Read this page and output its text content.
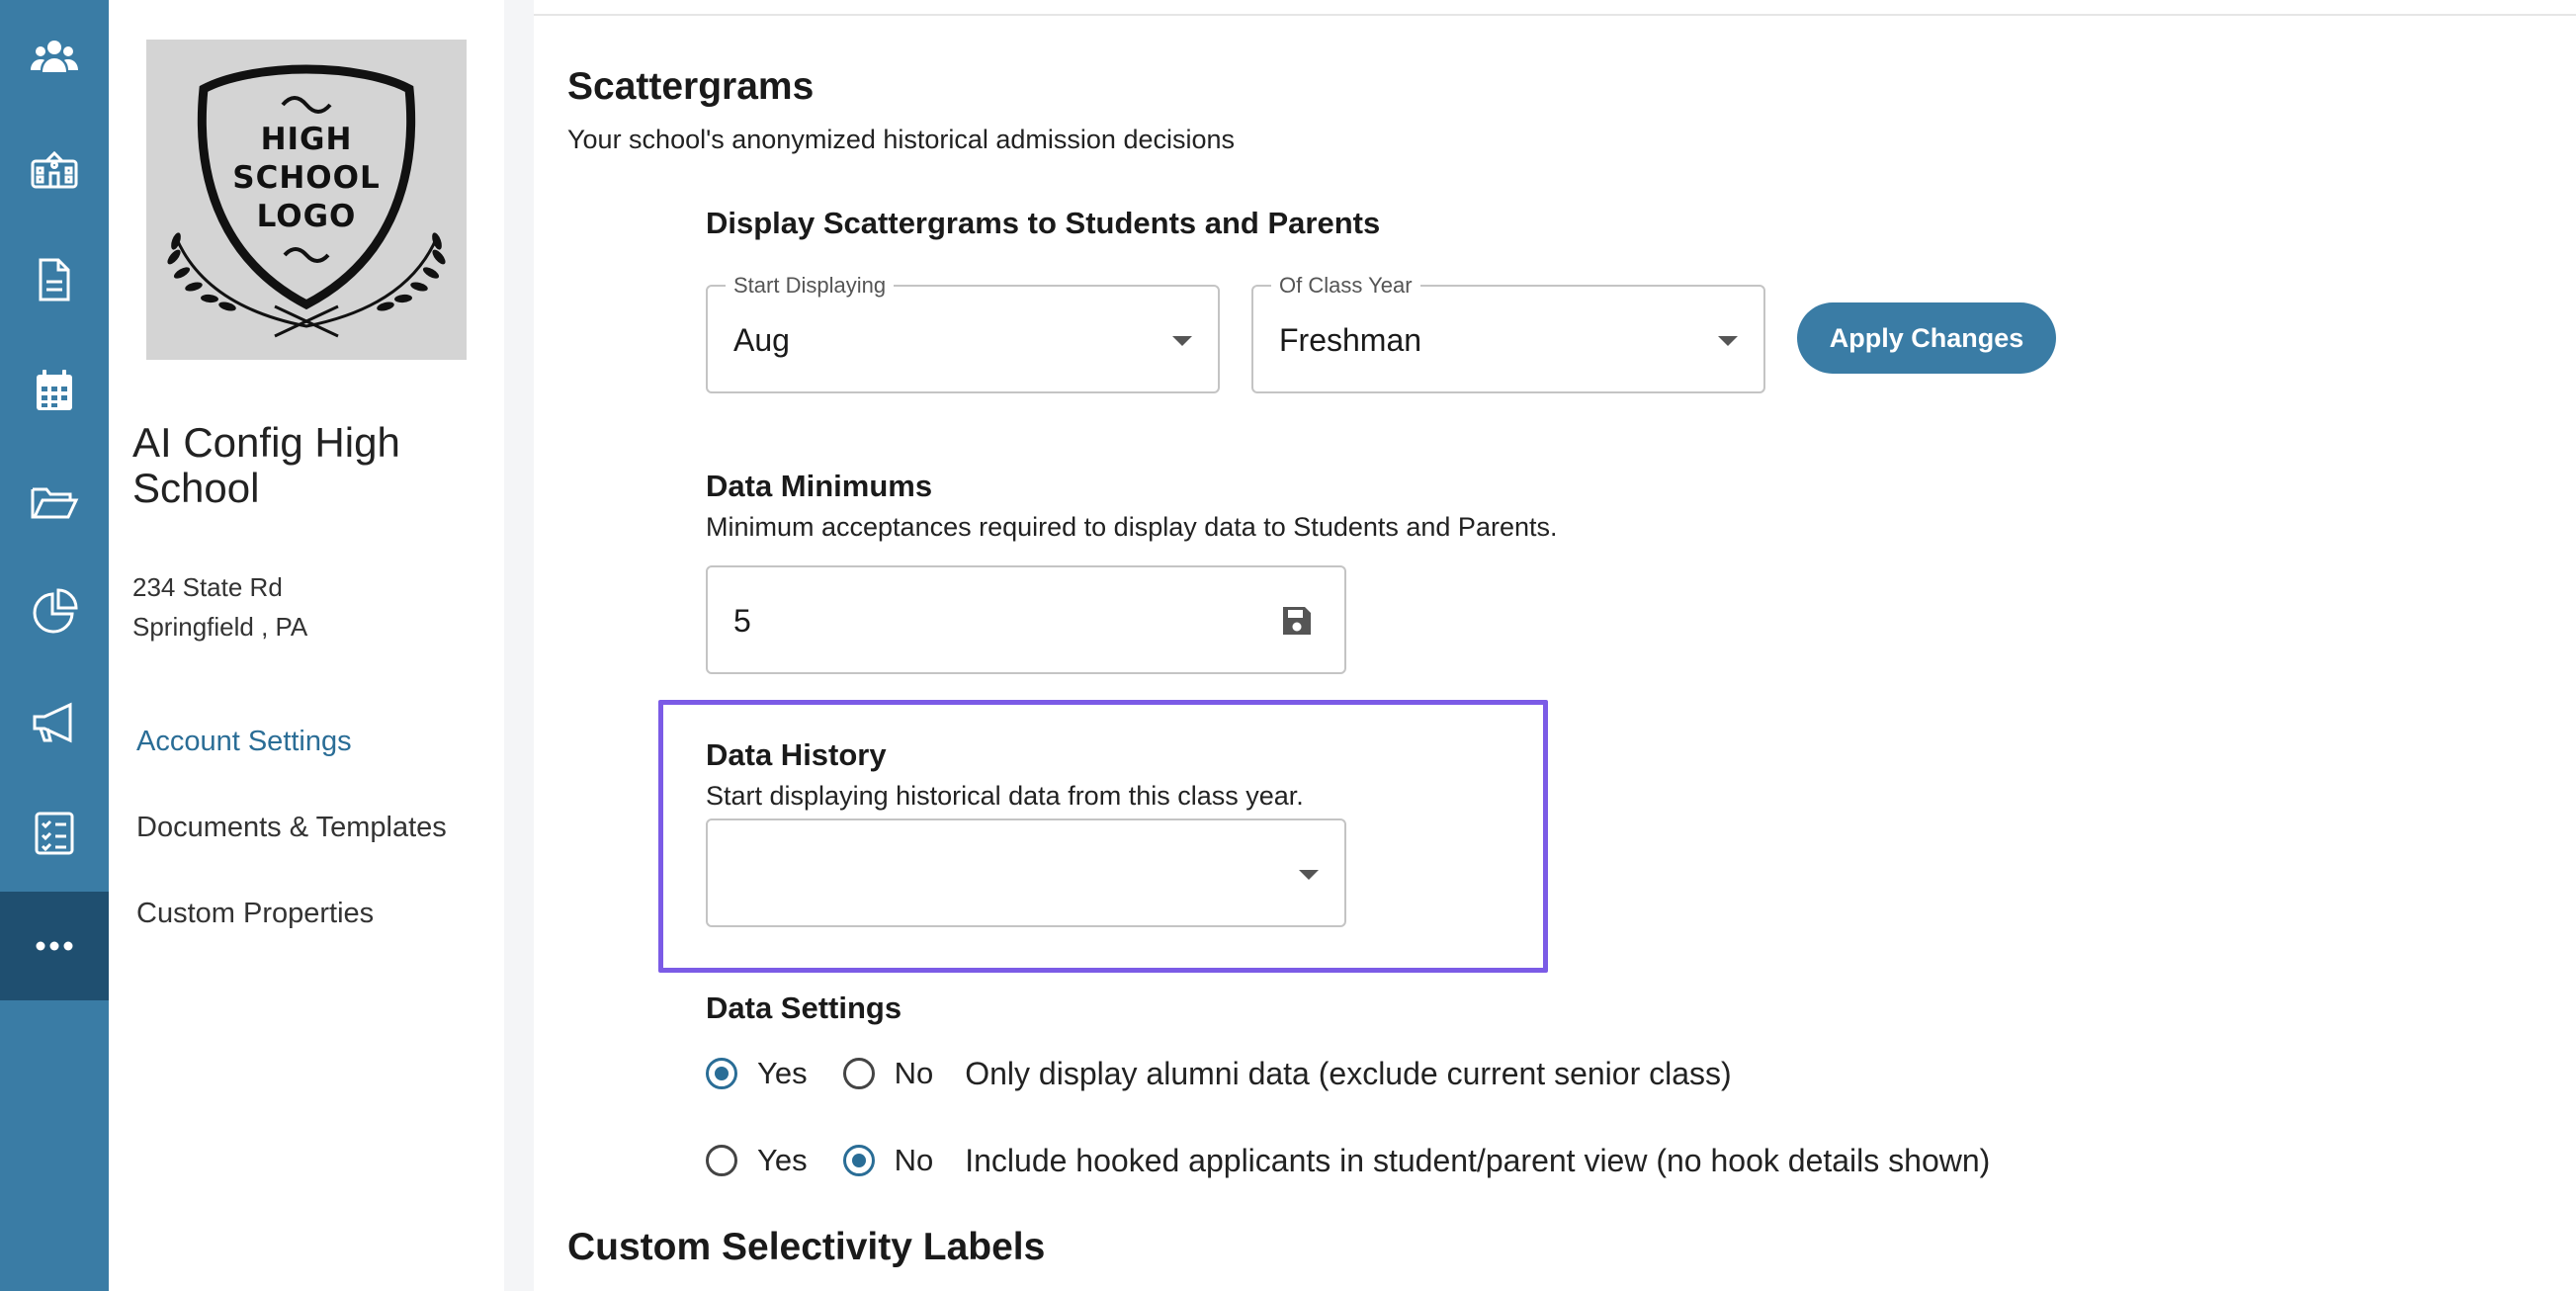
HIGH
SCHOOL
LOGO
AI Config High School
234 State Rd
Springfield , PA
Account Settings
Documents & Templates
Custom Properties
Scattergrams
Your school's anonymized historical admission decisions
Display Scattergrams to Students and Parents
Start Displaying
Aug
Of Class Year
Freshman	Apply Changes
Data Minimums
Minimum acceptances required to display data to Students and Parents.
5
Data History
Start displaying historical data from this class year.
Data Settings
Yes	No Only display alumni data (exclude current senior class)
Yes	No Include hooked applicants in student/parent view (no hook details shown)
Custom Selectivity Labels
